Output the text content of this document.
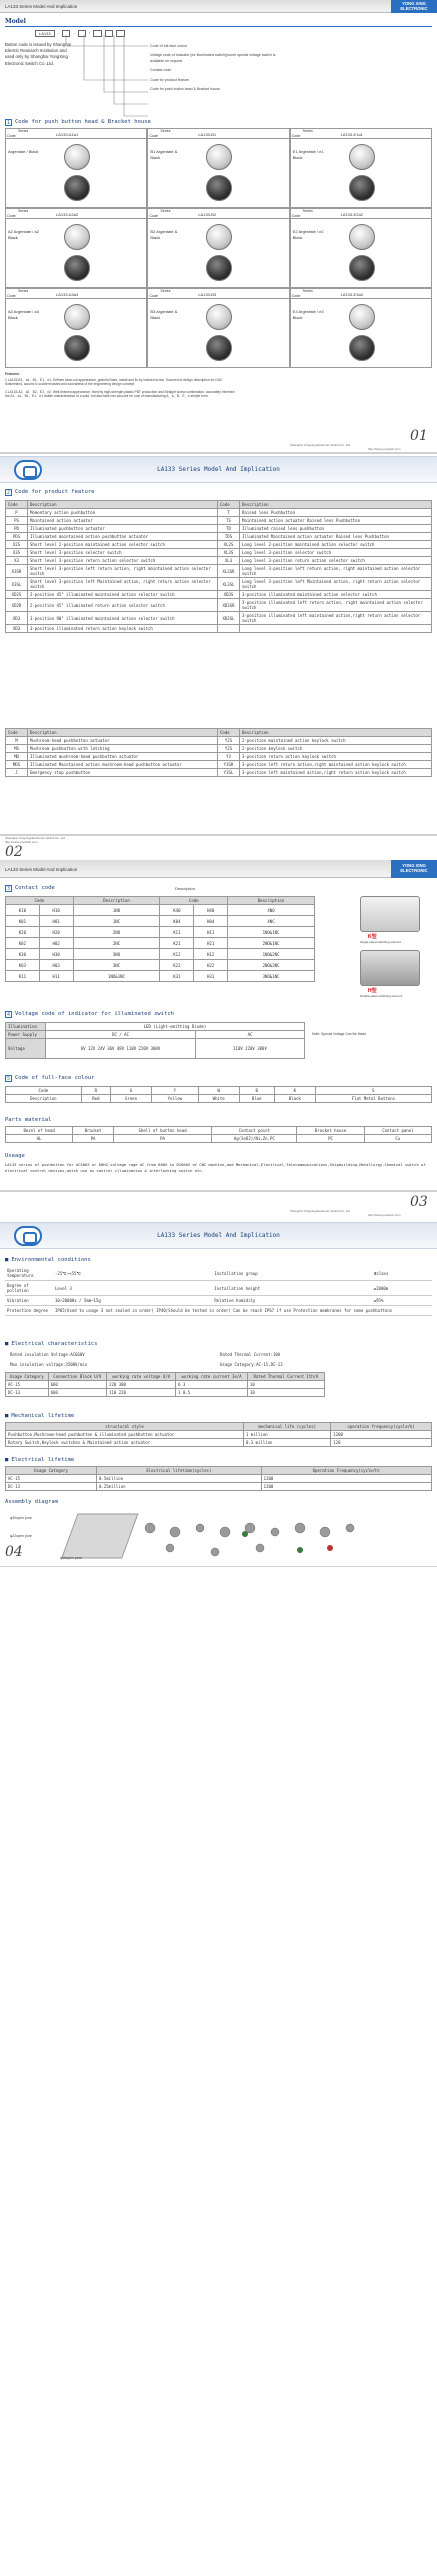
LA133 Series Model And Implication
YONG XING
ELECTRONIC
Model
LA133	-	□	-	□	/	□	□	□
Button code is issued by Shanghai Electric Research Institution and used only by Shanghai YongXing Electronic Switch Co.,Ltd.
Code of full-face colour
Voltage code of indicator (for illuminated switch)(some special voltage switch is available on request
Contact code
Code for product feature
Code for push button head & Bracket house
1 Code for push button head & Bracket house
Series
Code	LA133-A1a1
Argentate / Black
Series
Code	LA133-B1
B1 Argentate & Black
Series
Code	LA133-E1a1
E1 Argentate / e1 Black
Series
Code	LA133-A2a2
A2 Argentate / a2 Black
Series
Code	LA133-B2
B2 Argentate & Black
Series
Code	LA133-E2a2
E2 Argentate / e2 Black
Series
Code	LA133-A3a3
A3 Argentate / a3 Black
Series
Code	LA133-B3
B3 Argentate & Black
Series
Code	LA133-E3a3
E3 Argentate / e3 Black
Features:
1.LA133-B1、a1、B1、E1、e1: Defines clear-cut appearance, graceful lines, install and fix by inclined screw. Succeed to design description for DAX Switzerland, accord to occident tastes and soundness of the engineering design concept.
2.LA133-A2、a2、B2、E2、e2: Well-finished appearance, fixed by high-strength plastic PBT production and Straight screw combination, accurately inherited the A1、a1、B1、E1、e1 visible characteristics of a solid, but also take into account for cost of manufacturing A、a、B、E、e simple form.
01
Shanghai Yongxing Electronic Switch Co.,Ltd
http://www.yxswitch.com
LA133 Series Model And Implication
2 Code for product feature
Code	Description	Code	Description
P	Momentary action pushbutton	T	Raised lens Pushbutton
PS	Maintained action actuator	TS	Maintained action actuator Raised lens Pushbutton
PD	Illuminated pushbutton actuator	TD	Illuminated raised lens pushbutton
PDS	Illuminated maintained action pushbutton actuator	TDS	Illuminated Maintained action actuator Raised lens Pushbutton
X2S	Short level 2-position maintained action selector switch	XL2S	Long level 2-position maintained action selector switch
X3S	Short level 3-position selector switch	XL3S	Long level 3-position selector switch
X3	Short level 3-position return action selector switch	XL3	Long level 3-position return action selector switch
X3SR	Short level 3-position left return action, right maintained action selector switch	XL3SR	Long level 3-position left return action, right maintained action selector switch
X3SL	Short level 3-position left Maintained action, right return action selector switch	XL3SL	Long level 3-position left Maintained action, right return action selector switch
XD2S	2-position 45° illuminated maintained action selector switch	XD3S	3-position illuminated maintained action selector switch
XD2R	2-position 45° illuminated return action selector switch	XD3SR	3-position illuminated left return action, right maintained action selector switch
XD3	3-position 90° illuminated maintained action selector switch	XD3SL	3-position illuminated left maintained action,right return action selector switch
XD3	3-position illuminated return action keylock switch		
Code	Description	Code	Description
M	Mushroom-head pushbutton actuator	Y2S	2-position maintained action keylock switch
MS	Mushroom pushbutton with latching	Y2S	2-position keylock switch
MD	Illuminated mushroom-head pushbutton actuator	Y3	3-position return action keylock switch
MDS	Illuminated Maintained action mushroom-head pushbutton actuator	Y3SR	3-position left return action,right maintained action keylock switch
J	Emergency stop pushbutton	Y3SL	3-position left maintained action,right return action keylock switch
Shanghai Yongxing Electronic Switch Co.,Ltd
http://www.yxswitch.com
02
LA133 Series Model And Implication
YONG XING
ELECTRONIC
3 Contact code	Description
Code		Description	Code		Description
K10	H10	1NO	K40	H40	4NO
K01	H01	1NC	K04	H04	4NC
K20	H20	2NO	K11	H11	1NO&1NC
K02	H02	2NC	K21	H21	2NO&1NC
K30	H30	3NO	K12	H12	1NO&2NC
K03	H03	3NC	K22	H22	2NO&2NC
K11	H11	1NO&1NC	K31	H31	3NO&1NC
K型
Single-sided switching element
H型
Double-sided switching element
4 Voltage code of indicator for illuminated switch
Illumination	LED (Light-emitting Diode)	
Power Supply	DC / AC	AC
Voltage	6V 12V 24V 36V 48V 110V 220V 380V	110V 220V 380V
Note: Special Voltage Can Be Made
5 Code of full-face colour
Code	R	G	Y	W	B	K	S
Description	Red	Green	Yellow	White	Blue	Black	Flat Metal Buttons
Parts material
Bezel of head	Bracket	Shell of button head	Contact point	Bracket house	Contact panel
AL	PA	PA	Ag(SnO2)/Ni,Zn,PC	PC	Cu
Useage
LA133 series of pushbutton for AC50HZ or 60HZ,voltage rage AC from 600V to DC600V of CNC machine,and Mechanical,Electrical,Telecommunications,Shipbuilding,Metallurgy.Chemical switch of electrical control devices,which use as control illumination & interlocking switch etc.
03
Shanghai Yongxing Electronic Switch Co.,Ltd
http://www.yxswitch.com
LA133 Series Model And Implication
■ Environmental conditions
Operating temperature	-25℃~+55℃	Installation group	Ⅲclass
Degree of pollution	Level 3	Installation height	≤2000m
Vibration	10~2000Hz / 5mm~15g	Relative humidity	≤95%
Protection degree	IP65(Used to usage 3 not sealed in order) IP40(Should be tested in order) Can be reach IP67 if use Protection membranes for some pushbuttons		
■ Electrical characteristics
Rated insulation Voltage:AC660V	Rated Thermal Current:10A
Max insulation voltage:3500V/min	Usage Category:AC-15,DC-13
Usage Category	Connection Block U/V	working rate voltage U/V	working rate current Ie/A	Rated Thermal Current Ith/A
AC-15	660	220 380	6 3	10
DC-13	660	110 220	1 0.5	10
■ Mechanical lifetime
structural style	mechanical life (cycles)	operation frequency(cycle/h)
Pushbutton,Mushroom-head pushbutton & illuminated pushbutton actuator	1 million	1200
Rotary Switch,Keylock switches & Maintained action actuator	0.3 million	120
■ Electrical lifetime
Usage Category	Electrical lifetime(cycles)	Operation Frequency(cycle/h)
AC-15	0.5million	1200
DC-13	0.25million	1200
Assembly diagram
φ30open pore
φ22open pore
φ16open pore
04
